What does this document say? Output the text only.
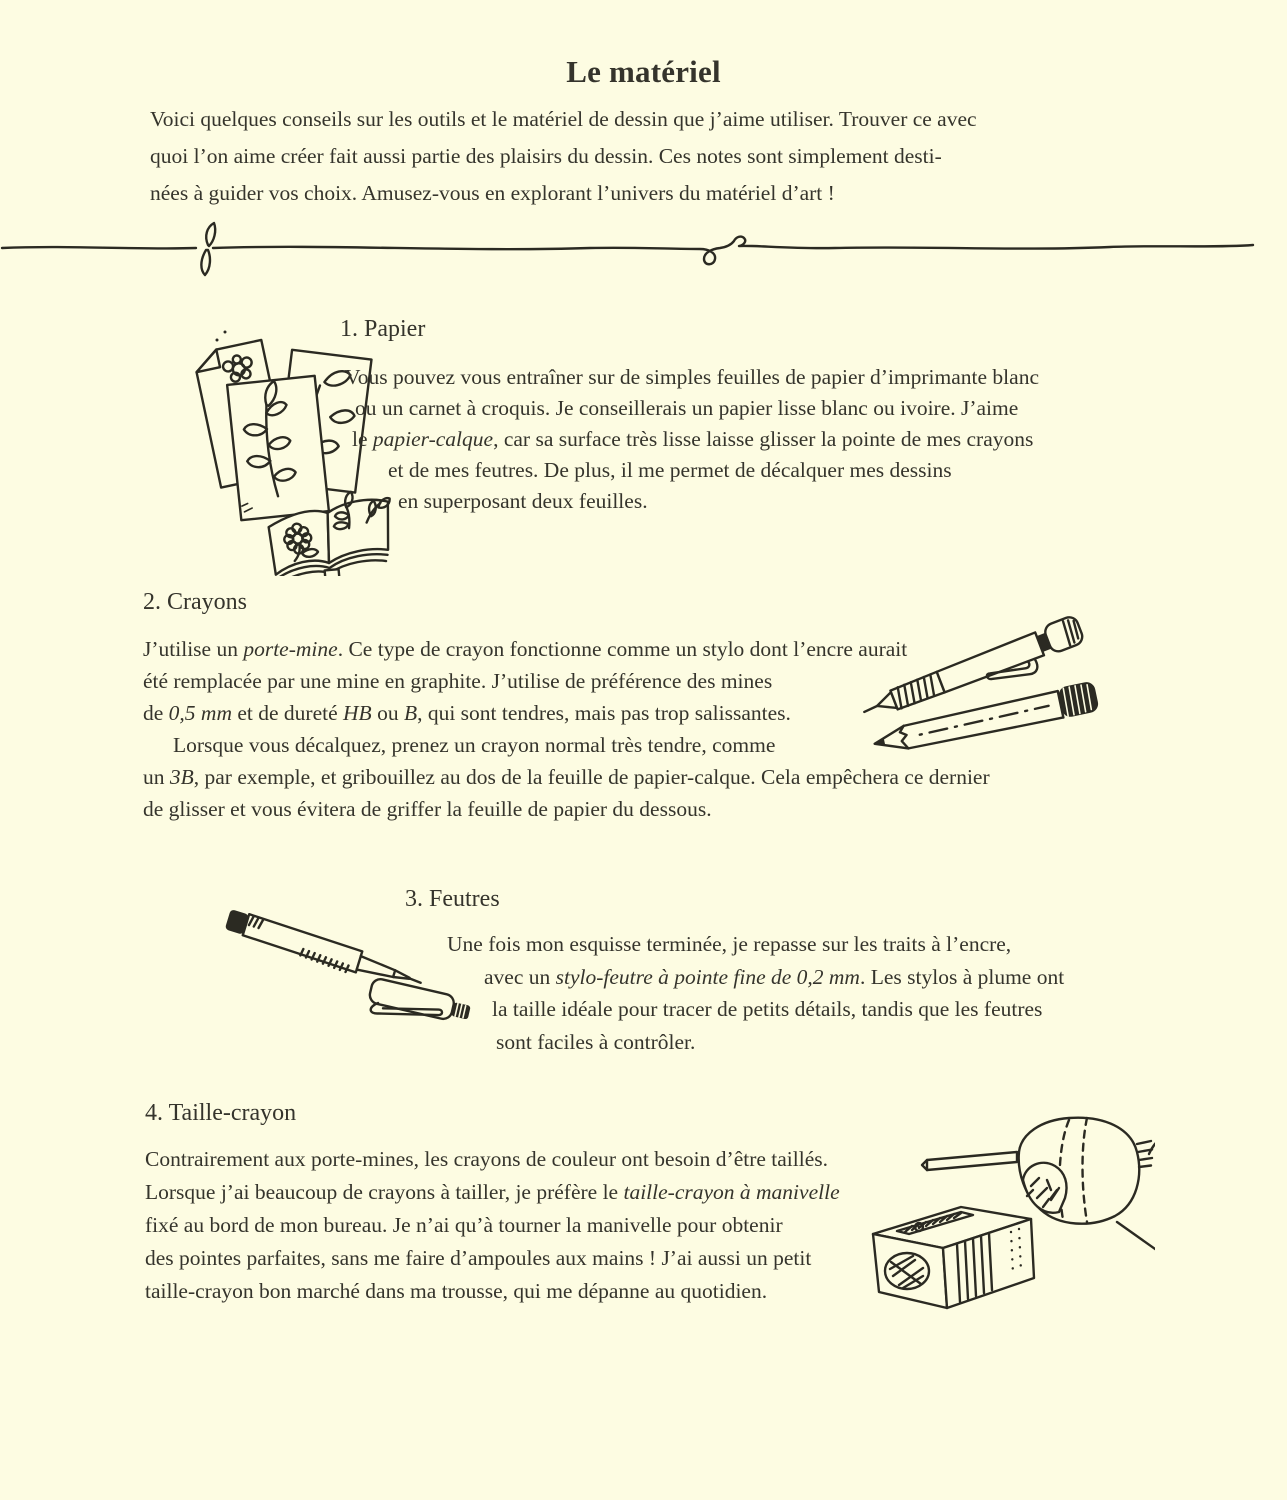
Le matériel
Voici quelques conseils sur les outils et le matériel de dessin que j’aime utiliser. Trouver ce avec
quoi l’on aime créer fait aussi partie des plaisirs du dessin. Ces notes sont simplement desti-
nées à guider vos choix. Amusez-vous en explorant l’univers du matériel d’art !
1. Papier
Vous pouvez vous entraîner sur de simples feuilles de papier d’imprimante blanc
ou un carnet à croquis. Je conseillerais un papier lisse blanc ou ivoire. J’aime
le papier-calque, car sa surface très lisse laisse glisser la pointe de mes crayons
et de mes feutres. De plus, il me permet de décalquer mes dessins
en superposant deux feuilles.
2. Crayons
J’utilise un porte-mine. Ce type de crayon fonctionne comme un stylo dont l’encre aurait
été remplacée par une mine en graphite. J’utilise de préférence des mines
de 0,5 mm et de dureté HB ou B, qui sont tendres, mais pas trop salissantes.
Lorsque vous décalquez, prenez un crayon normal très tendre, comme
un 3B, par exemple, et gribouillez au dos de la feuille de papier-calque. Cela empêchera ce dernier
de glisser et vous évitera de griffer la feuille de papier du dessous.
3. Feutres
Une fois mon esquisse terminée, je repasse sur les traits à l’encre,
avec un stylo-feutre à pointe fine de 0,2 mm. Les stylos à plume ont
la taille idéale pour tracer de petits détails, tandis que les feutres
sont faciles à contrôler.
4. Taille-crayon
Contrairement aux porte-mines, les crayons de couleur ont besoin d’être taillés.
Lorsque j’ai beaucoup de crayons à tailler, je préfère le taille-crayon à manivelle
fixé au bord de mon bureau. Je n’ai qu’à tourner la manivelle pour obtenir
des pointes parfaites, sans me faire d’ampoules aux mains ! J’ai aussi un petit
taille-crayon bon marché dans ma trousse, qui me dépanne au quotidien.
